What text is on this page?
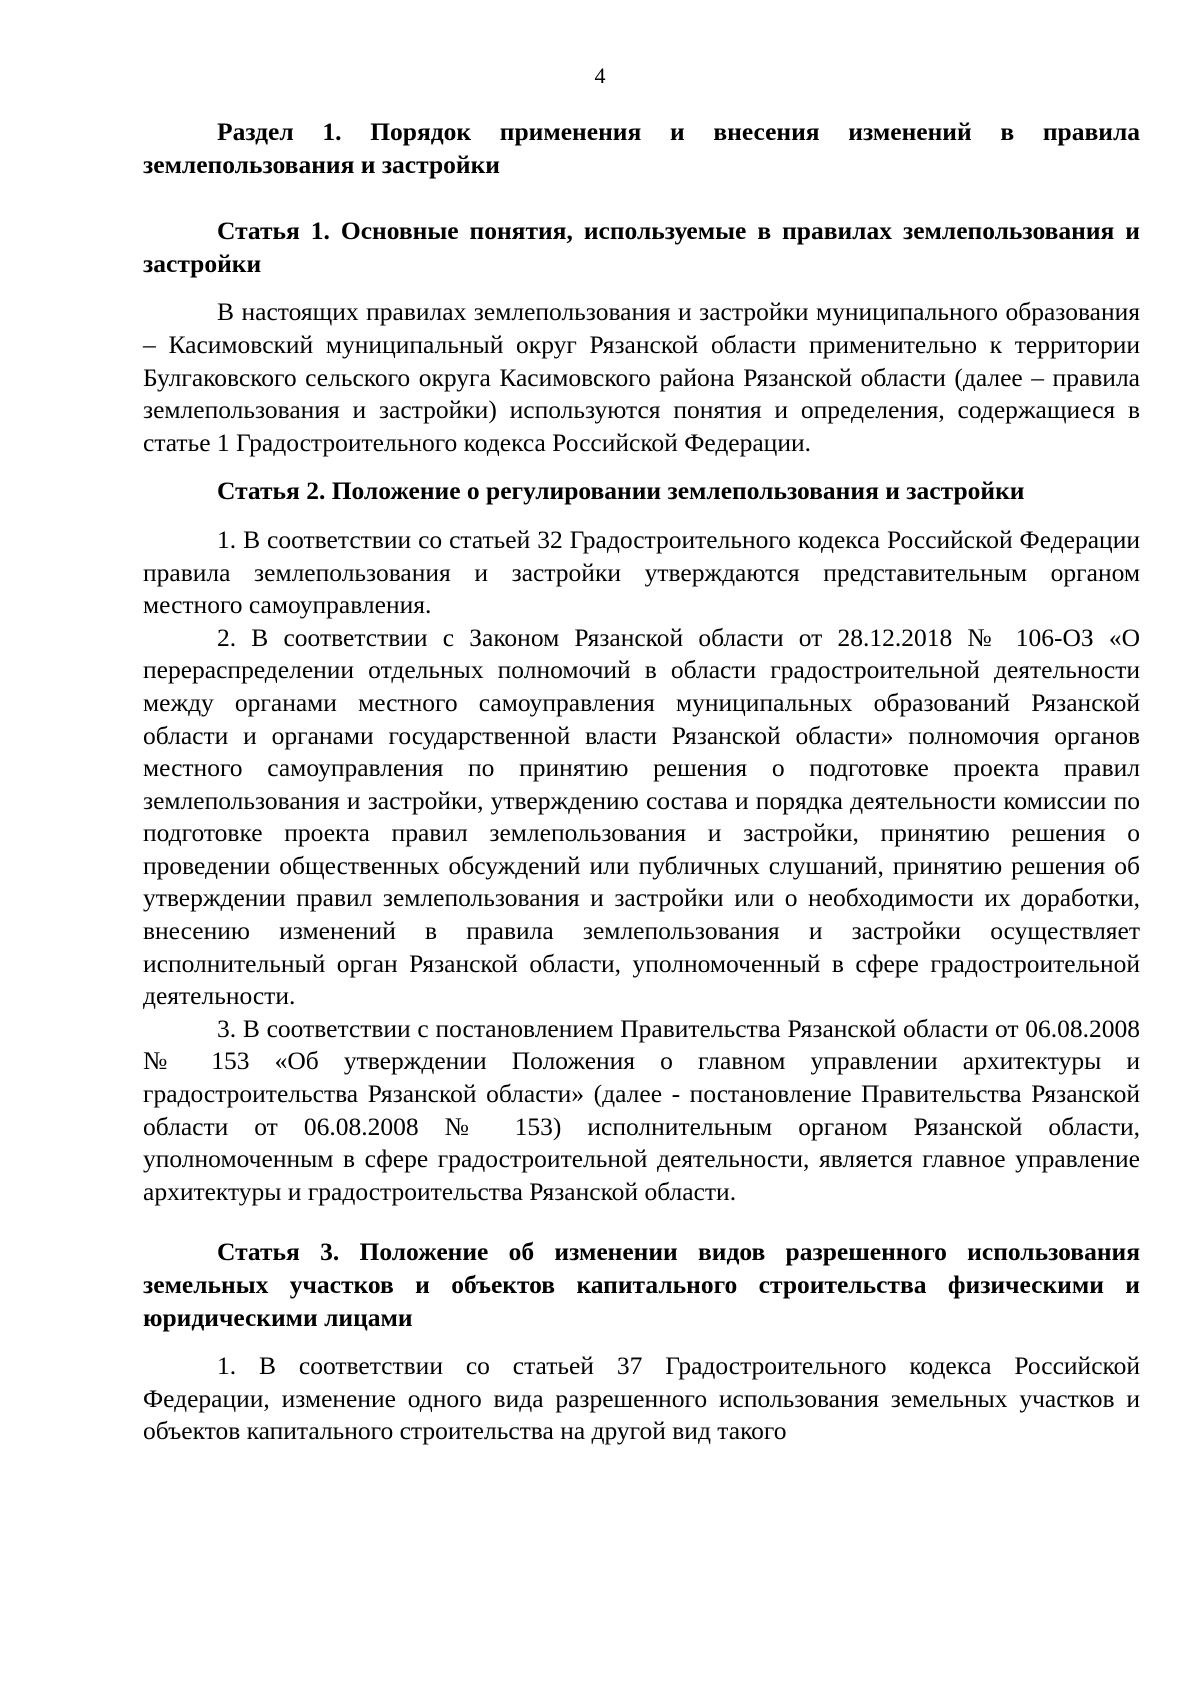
4

Раздел 1. Порядок применения и внесения изменений в правила землепользования и застройки

Статья 1. Основные понятия, используемые в правилах землепользования и застройки

В настоящих правилах землепользования и застройки муниципального образования – Касимовский муниципальный округ Рязанской области применительно к территории Булгаковского сельского округа Касимовского района Рязанской области (далее – правила землепользования и застройки) используются понятия и определения, содержащиеся в статье 1 Градостроительного кодекса Российской Федерации.

Статья 2. Положение о регулировании землепользования и застройки

1. В соответствии со статьей 32 Градостроительного кодекса Российской Федерации правила землепользования и застройки утверждаются представительным органом местного самоуправления.

2. В соответствии с Законом Рязанской области от 28.12.2018 № 106-ОЗ «О перераспределении отдельных полномочий в области градостроительной деятельности между органами местного самоуправления муниципальных образований Рязанской области и органами государственной власти Рязанской области» полномочия органов местного самоуправления по принятию решения о подготовке проекта правил землепользования и застройки, утверждению состава и порядка деятельности комиссии по подготовке проекта правил землепользования и застройки, принятию решения о проведении общественных обсуждений или публичных слушаний, принятию решения об утверждении правил землепользования и застройки или о необходимости их доработки, внесению изменений в правила землепользования и застройки осуществляет исполнительный орган Рязанской области, уполномоченный в сфере градостроительной деятельности.

3. В соответствии с постановлением Правительства Рязанской области от 06.08.2008 № 153 «Об утверждении Положения о главном управлении архитектуры и градостроительства Рязанской области» (далее - постановление Правительства Рязанской области от 06.08.2008 № 153) исполнительным органом Рязанской области, уполномоченным в сфере градостроительной деятельности, является главное управление архитектуры и градостроительства Рязанской области.

Статья 3. Положение об изменении видов разрешенного использования земельных участков и объектов капитального строительства физическими и юридическими лицами

1. В соответствии со статьей 37 Градостроительного кодекса Российской Федерации, изменение одного вида разрешенного использования земельных участков и объектов капитального строительства на другой вид такого
